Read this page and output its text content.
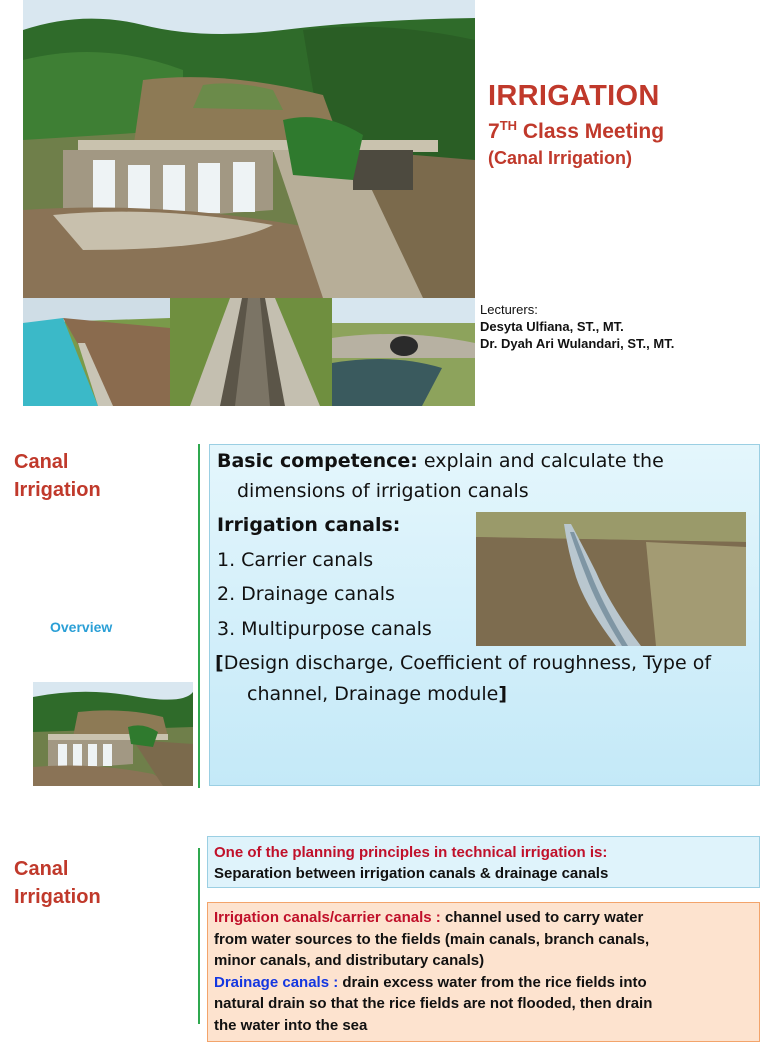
IRRIGATION
7TH Class Meeting
(Canal Irrigation)
Lecturers:
Desyta Ulfiana, ST., MT.
Dr. Dyah Ari Wulandari, ST., MT.
Canal
Irrigation
Overview
Basic competence: explain and calculate the
dimensions of irrigation canals
Irrigation canals:
1. Carrier canals
2. Drainage canals
3. Multipurpose canals
[Design discharge, Coefficient of roughness, Type of
channel, Drainage module]
Canal
Irrigation
One of the planning principles in technical irrigation is:
Separation between irrigation canals & drainage canals
Irrigation canals/carrier canals : channel used to carry water
from water sources to the fields (main canals, branch canals,
minor canals, and distributary canals)
Drainage canals : drain excess water from the rice fields into
natural drain so that the rice fields are not flooded, then drain
the water into the sea
